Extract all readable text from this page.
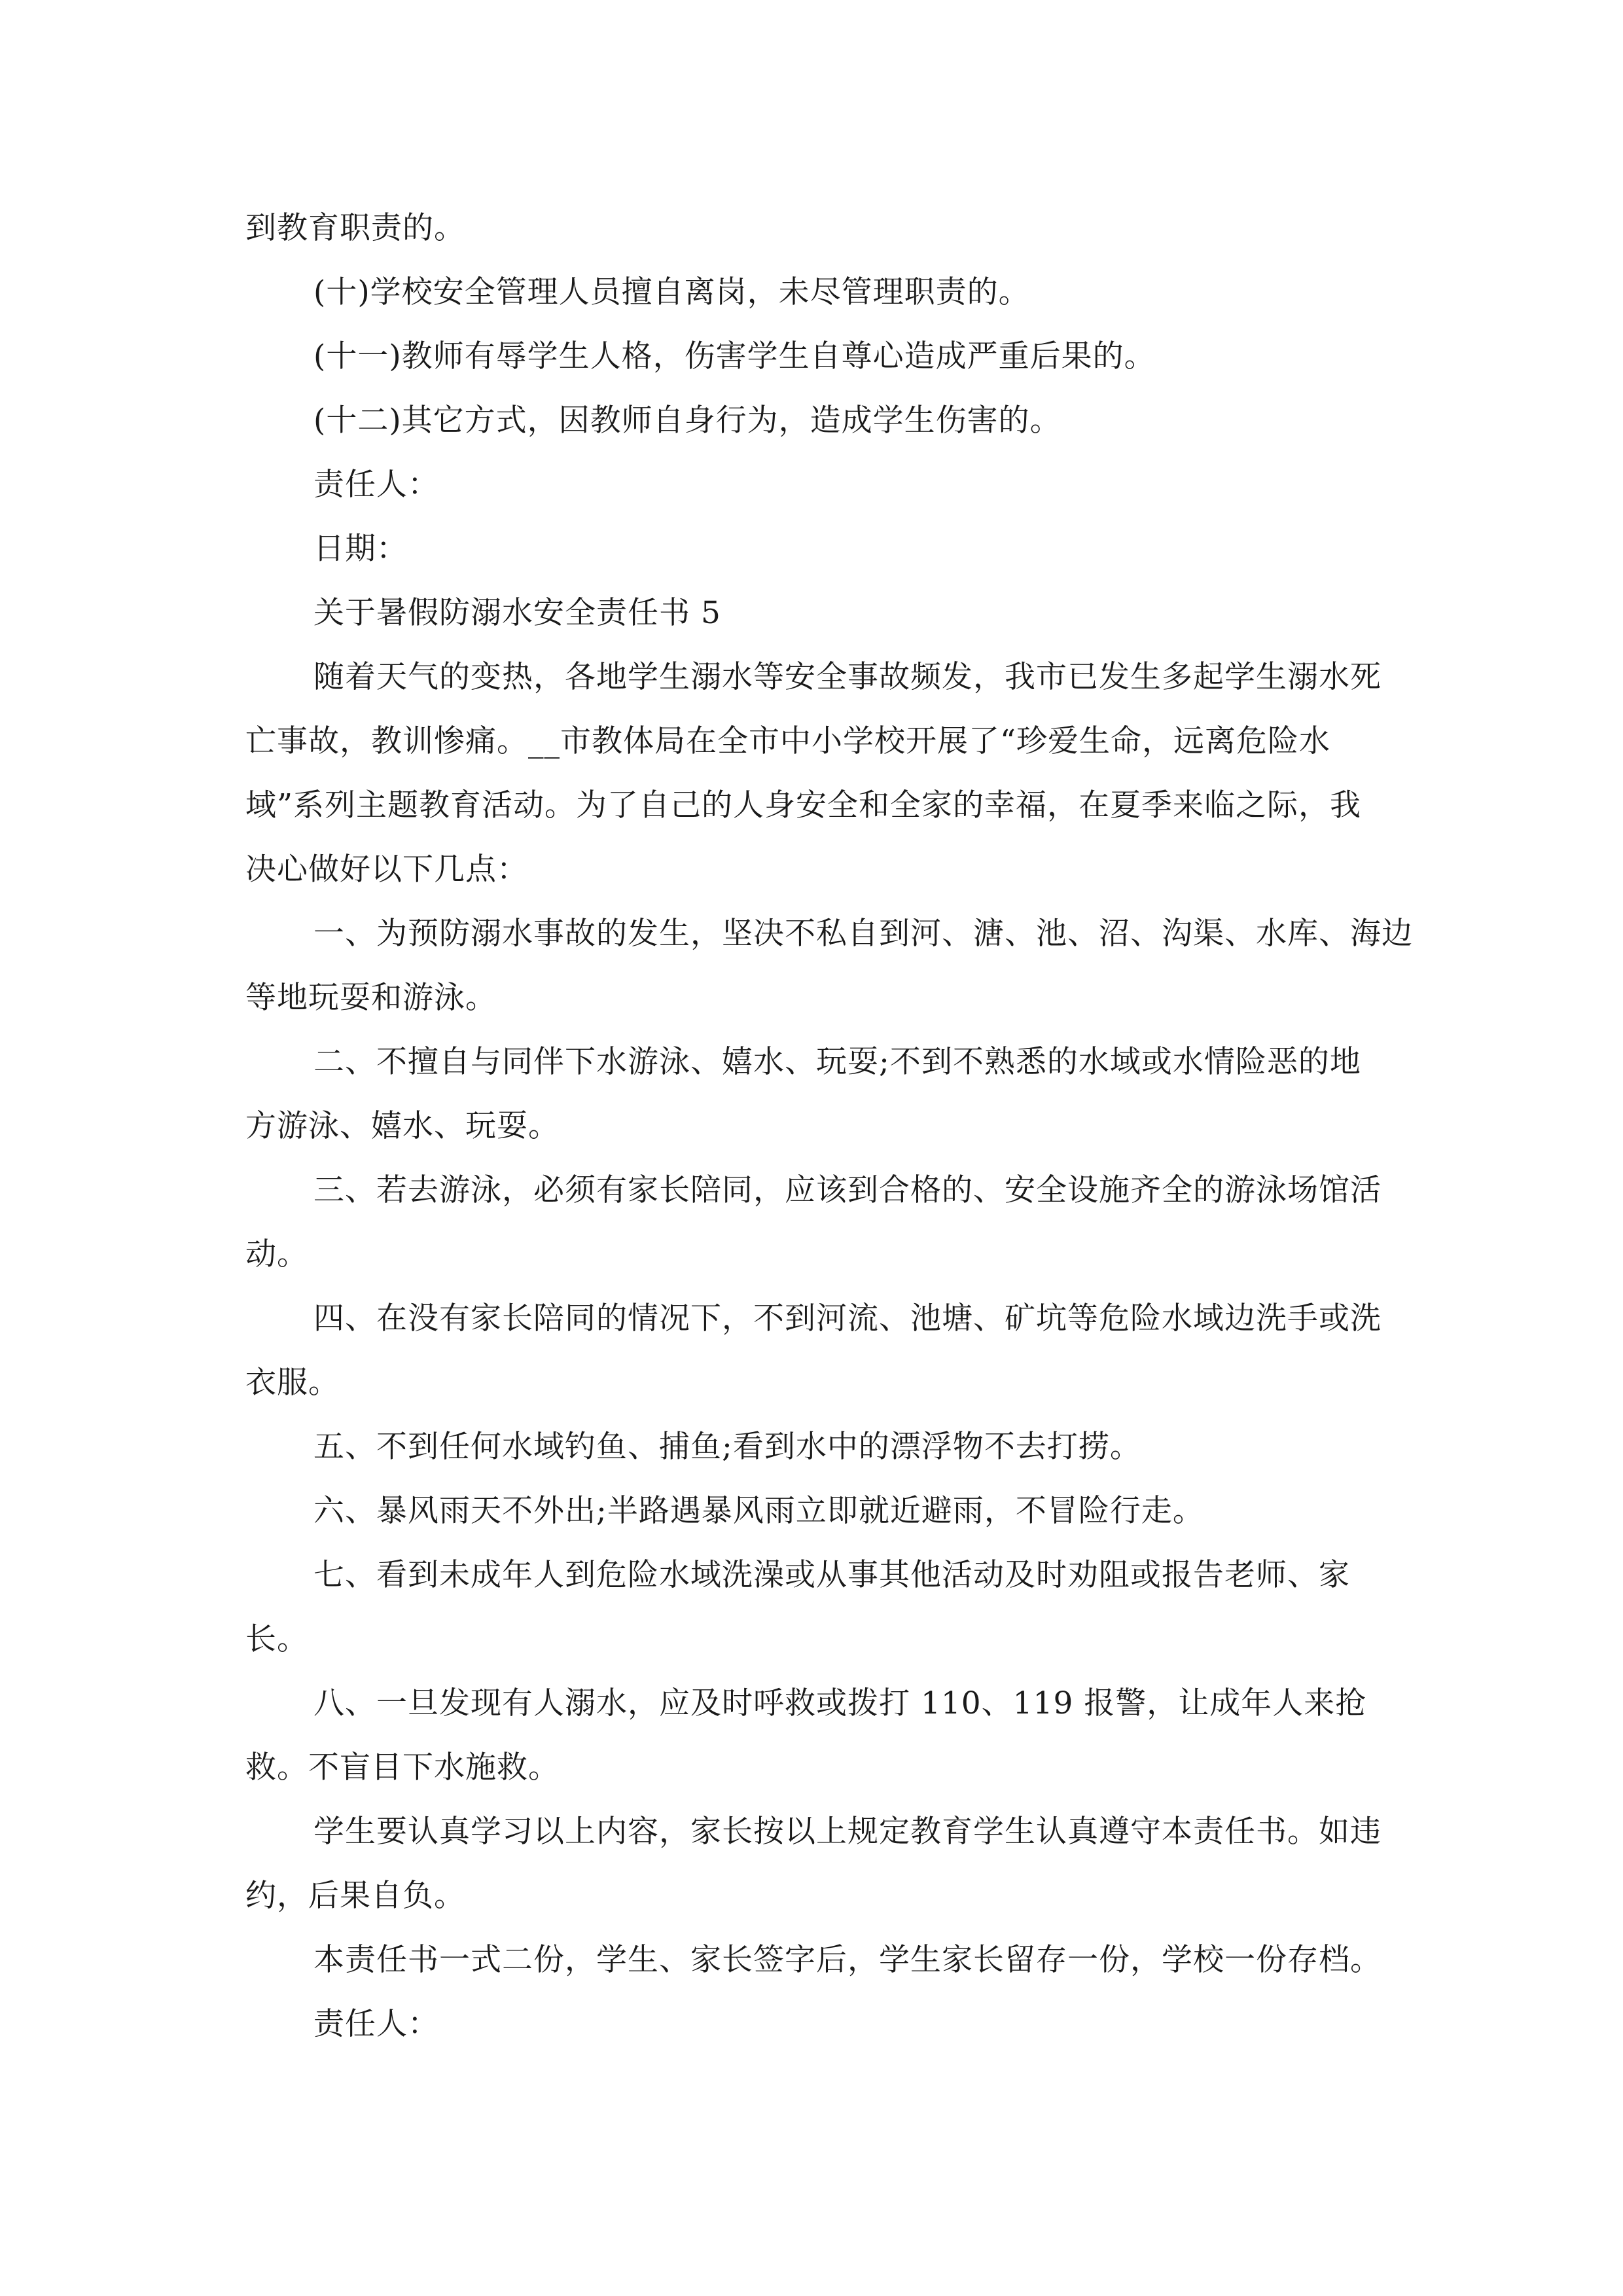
到教育职责的。

(十)学校安全管理人员擅自离岗，未尽管理职责的。

(十一)教师有辱学生人格，伤害学生自尊心造成严重后果的。

(十二)其它方式，因教师自身行为，造成学生伤害的。

责任人：

日期：

关于暑假防溺水安全责任书 5

随着天气的变热，各地学生溺水等安全事故频发，我市已发生多起学生溺水死亡事故，教训惨痛。__市教体局在全市中小学校开展了“珍爱生命，远离危险水域”系列主题教育活动。为了自己的人身安全和全家的幸福，在夏季来临之际，我决心做好以下几点：

一、为预防溺水事故的发生，坚决不私自到河、溏、池、沼、沟渠、水库、海边等地玩耍和游泳。

二、不擅自与同伴下水游泳、嬉水、玩耍;不到不熟悉的水域或水情险恶的地方游泳、嬉水、玩耍。

三、若去游泳，必须有家长陪同，应该到合格的、安全设施齐全的游泳场馆活动。

四、在没有家长陪同的情况下，不到河流、池塘、矿坑等危险水域边洗手或洗衣服。

五、不到任何水域钓鱼、捕鱼;看到水中的漂浮物不去打捞。

六、暴风雨天不外出;半路遇暴风雨立即就近避雨，不冒险行走。

七、看到未成年人到危险水域洗澡或从事其他活动及时劝阻或报告老师、家长。

八、一旦发现有人溺水，应及时呼救或拨打 110、119 报警，让成年人来抢救。不盲目下水施救。

学生要认真学习以上内容，家长按以上规定教育学生认真遵守本责任书。如违约，后果自负。

本责任书一式二份，学生、家长签字后，学生家长留存一份，学校一份存档。

责任人：
